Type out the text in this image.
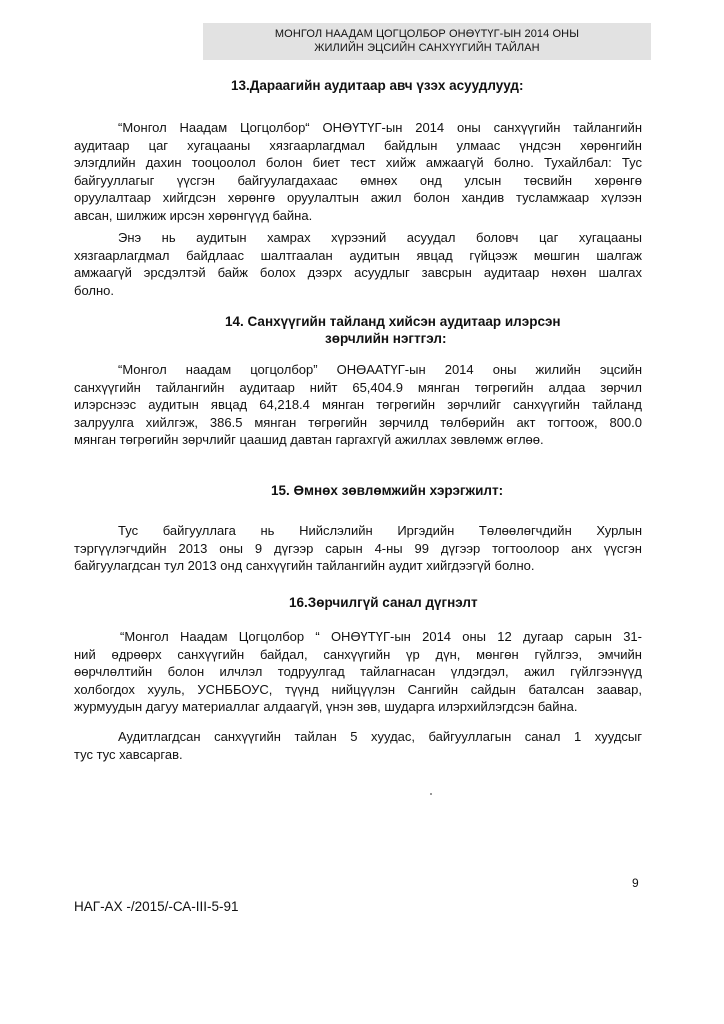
МОНГОЛ НААДАМ ЦОГЦОЛБОР ОНӨҮТҮГ-ЫН 2014 ОНЫ
ЖИЛИЙН ЭЦСИЙН САНХҮҮГИЙН ТАЙЛАН
13.Дараагийн аудитаар авч үзэх асуудлууд:
“Монгол Наадам Цогцолбор“ ОНӨҮТҮГ-ын 2014 оны санхүүгийн тайлангийн
аудитаар цаг хугацааны хязгаарлагдмал байдлын улмаас үндсэн хөрөнгийн
элэгдлийн дахин тооцоолол болон биет тест хийж амжаагүй болно. Тухайлбал: Тус
байгууллагыг үүсгэн байгуулагдахаас өмнөх онд улсын төсвийн хөрөнгө
оруулалтаар хийгдсэн хөрөнгө оруулалтын ажил болон хандив тусламжаар хүлээн
авсан, шилжиж ирсэн хөрөнгүүд байна.
Энэ нь аудитын хамрах хүрээний асуудал боловч цаг хугацааны
хязгаарлагдмал байдлаас шалтгаалан аудитын явцад гүйцээж мөшгин шалгаж
амжаагүй эрсдэлтэй байж болох дээрх асуудлыг завсрын аудитаар нөхөн шалгах
болно.
14. Санхүүгийн тайланд хийсэн аудитаар илэрсэн
зөрчлийн нэгтгэл:
“Монгол наадам цогцолбор” ОНӨААТҮГ-ын 2014 оны жилийн эцсийн
санхүүгийн тайлангийн аудитаар нийт 65,404.9 мянган төгрөгийн алдаа зөрчил
илэрснээс аудитын явцад 64,218.4 мянган төгрөгийн зөрчлийг санхүүгийн тайланд
залруулга хийлгэж, 386.5 мянган төгрөгийн зөрчилд төлбөрийн акт тогтоож, 800.0
мянган төгрөгийн зөрчлийг цаашид давтан гаргахгүй ажиллах зөвлөмж өглөө.
15. Өмнөх зөвлөмжийн хэрэгжилт:
Тус байгууллага нь Нийслэлийн Иргэдийн Төлөөлөгчдийн Хурлын
тэргүүлэгчдийн 2013 оны 9 дүгээр сарын 4-ны 99 дүгээр тогтоолоор анх үүсгэн
байгуулагдсан тул 2013 онд санхүүгийн тайлангийн аудит хийгдээгүй болно.
16.Зөрчилгүй санал дүгнэлт
“Монгол Наадам Цогцолбор “ ОНӨҮТҮГ-ын 2014 оны 12 дугаар сарын 31-
ний өдрөөрх санхүүгийн байдал, санхүүгийн үр дүн, мөнгөн гүйлгээ, эмчийн
өөрчлөлтийн болон илчлэл тодруулгад тайлагнасан үлдэгдэл, ажил гүйлгээнүүд
холбогдох хууль, УСНББОУС, түүнд нийцүүлэн Сангийн сайдын баталсан заавар,
журмуудын дагуу материаллаг алдаагүй, үнэн зөв, шударга илэрхийлэгдсэн байна.
Аудитлагдсан санхүүгийн тайлан 5 хуудас, байгууллагын санал 1 хуудсыг
тус тус хавсаргав.
9
НАГ-АХ -/2015/-СА-III-5-91
